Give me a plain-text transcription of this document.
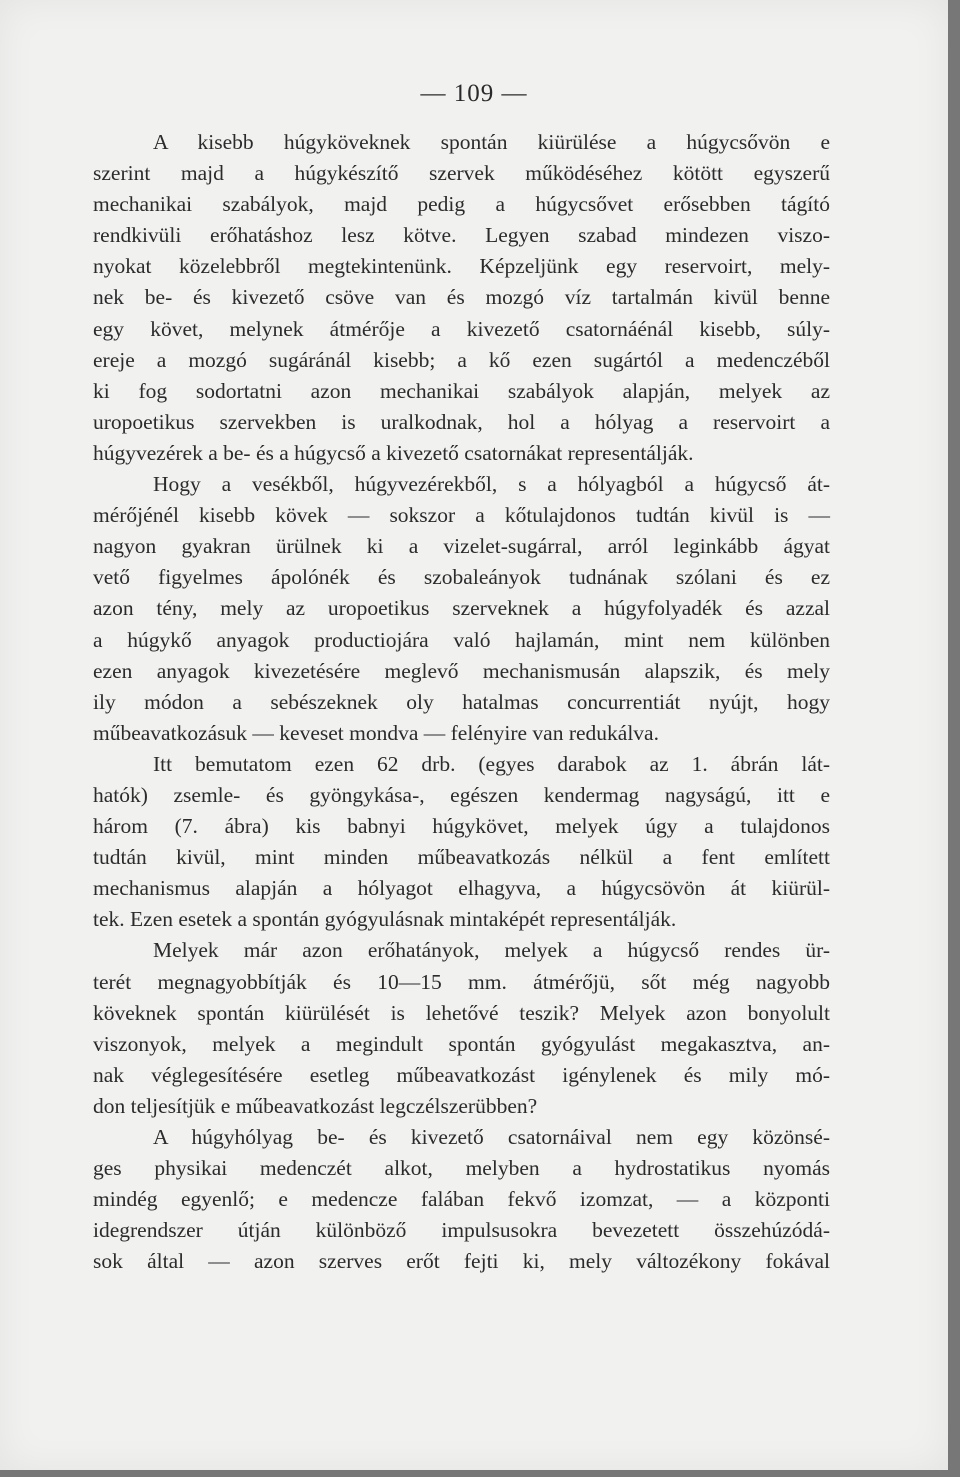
— 109 —
A kisebb húgyköveknek spontán kiürülése a húgycsővön e
szerint majd a húgykészítő szervek működéséhez kötött egyszerű
mechanikai szabályok, majd pedig a húgycsővet erősebben tágító
rendkivüli erőhatáshoz lesz kötve. Legyen szabad mindezen viszo-
nyokat közelebbről megtekintenünk. Képzeljünk egy reservoirt, mely-
nek be- és kivezető csöve van és mozgó víz tartalmán kivül benne
egy követ, melynek átmérője a kivezető csatornáénál kisebb, súly-
ereje a mozgó sugáránál kisebb; a kő ezen sugártól a medenczéből
ki fog sodortatni azon mechanikai szabályok alapján, melyek az
uropoetikus szervekben is uralkodnak, hol a hólyag a reservoirt a
húgyvezérek a be- és a húgycső a kivezető csatornákat representálják.
Hogy a vesékből, húgyvezérekből, s a hólyagból a húgycső át-
mérőjénél kisebb kövek — sokszor a kőtulajdonos tudtán kivül is —
nagyon gyakran ürülnek ki a vizelet-sugárral, arról leginkább ágyat
vető figyelmes ápolónék és szobaleányok tudnának szólani és ez
azon tény, mely az uropoetikus szerveknek a húgyfolyadék és azzal
a húgykő anyagok productiojára való hajlamán, mint nem különben
ezen anyagok kivezetésére meglevő mechanismusán alapszik, és mely
ily módon a sebészeknek oly hatalmas concurrentiát nyújt, hogy
műbeavatkozásuk — keveset mondva — felényire van redukálva.
Itt bemutatom ezen 62 drb. (egyes darabok az 1. ábrán lát-
hatók) zsemle- és gyöngykása-, egészen kendermag nagyságú, itt e
három (7. ábra) kis babnyi húgykövet, melyek úgy a tulajdonos
tudtán kivül, mint minden műbeavatkozás nélkül a fent említett
mechanismus alapján a hólyagot elhagyva, a húgycsövön át kiürül-
tek. Ezen esetek a spontán gyógyulásnak mintaképét representálják.
Melyek már azon erőhatányok, melyek a húgycső rendes ür-
terét megnagyobbítják és 10—15 mm. átmérőjü, sőt még nagyobb
köveknek spontán kiürülését is lehetővé teszik? Melyek azon bonyolult
viszonyok, melyek a megindult spontán gyógyulást megakasztva, an-
nak véglegesítésére esetleg műbeavatkozást igénylenek és mily mó-
don teljesítjük e műbeavatkozást legczélszerübben?
A húgyhólyag be- és kivezető csatornáival nem egy közönsé-
ges physikai medenczét alkot, melyben a hydrostatikus nyomás
mindég egyenlő; e medencze falában fekvő izomzat, — a központi
idegrendszer útján különböző impulsusokra bevezetett összehúzódá-
sok által — azon szerves erőt fejti ki, mely változékony fokával
